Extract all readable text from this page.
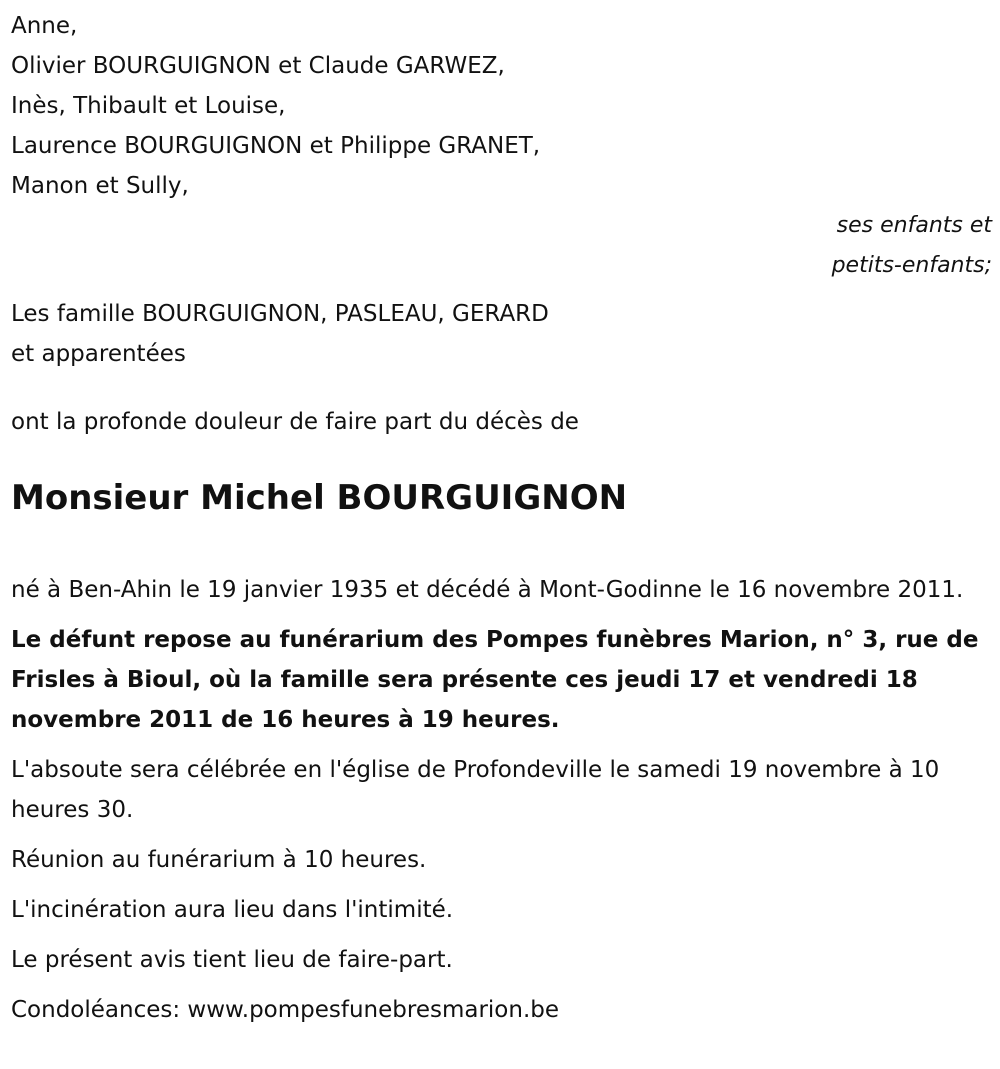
Anne,
Olivier BOURGUIGNON et Claude GARWEZ,
Inès, Thibault et Louise,
Laurence BOURGUIGNON et Philippe GRANET,
Manon et Sully,
ses enfants et
petits-enfants;
Les famille BOURGUIGNON, PASLEAU, GERARD
et apparentées
ont la profonde douleur de faire part du décès de
Monsieur Michel BOURGUIGNON
né à Ben-Ahin le 19 janvier 1935 et décédé à Mont-Godinne le 16 novembre 2011.
Le défunt repose au funérarium des Pompes funèbres Marion, n° 3, rue de Frisles à Bioul, où la famille sera présente ces jeudi 17 et vendredi 18 novembre 2011 de 16 heures à 19 heures.
L'absoute sera célébrée en l'église de Profondeville le samedi 19 novembre à 10 heures 30.
Réunion au funérarium à 10 heures.
L'incinération aura lieu dans l'intimité.
Le présent avis tient lieu de faire-part.
Condoléances: www.pompesfunebresmarion.be
